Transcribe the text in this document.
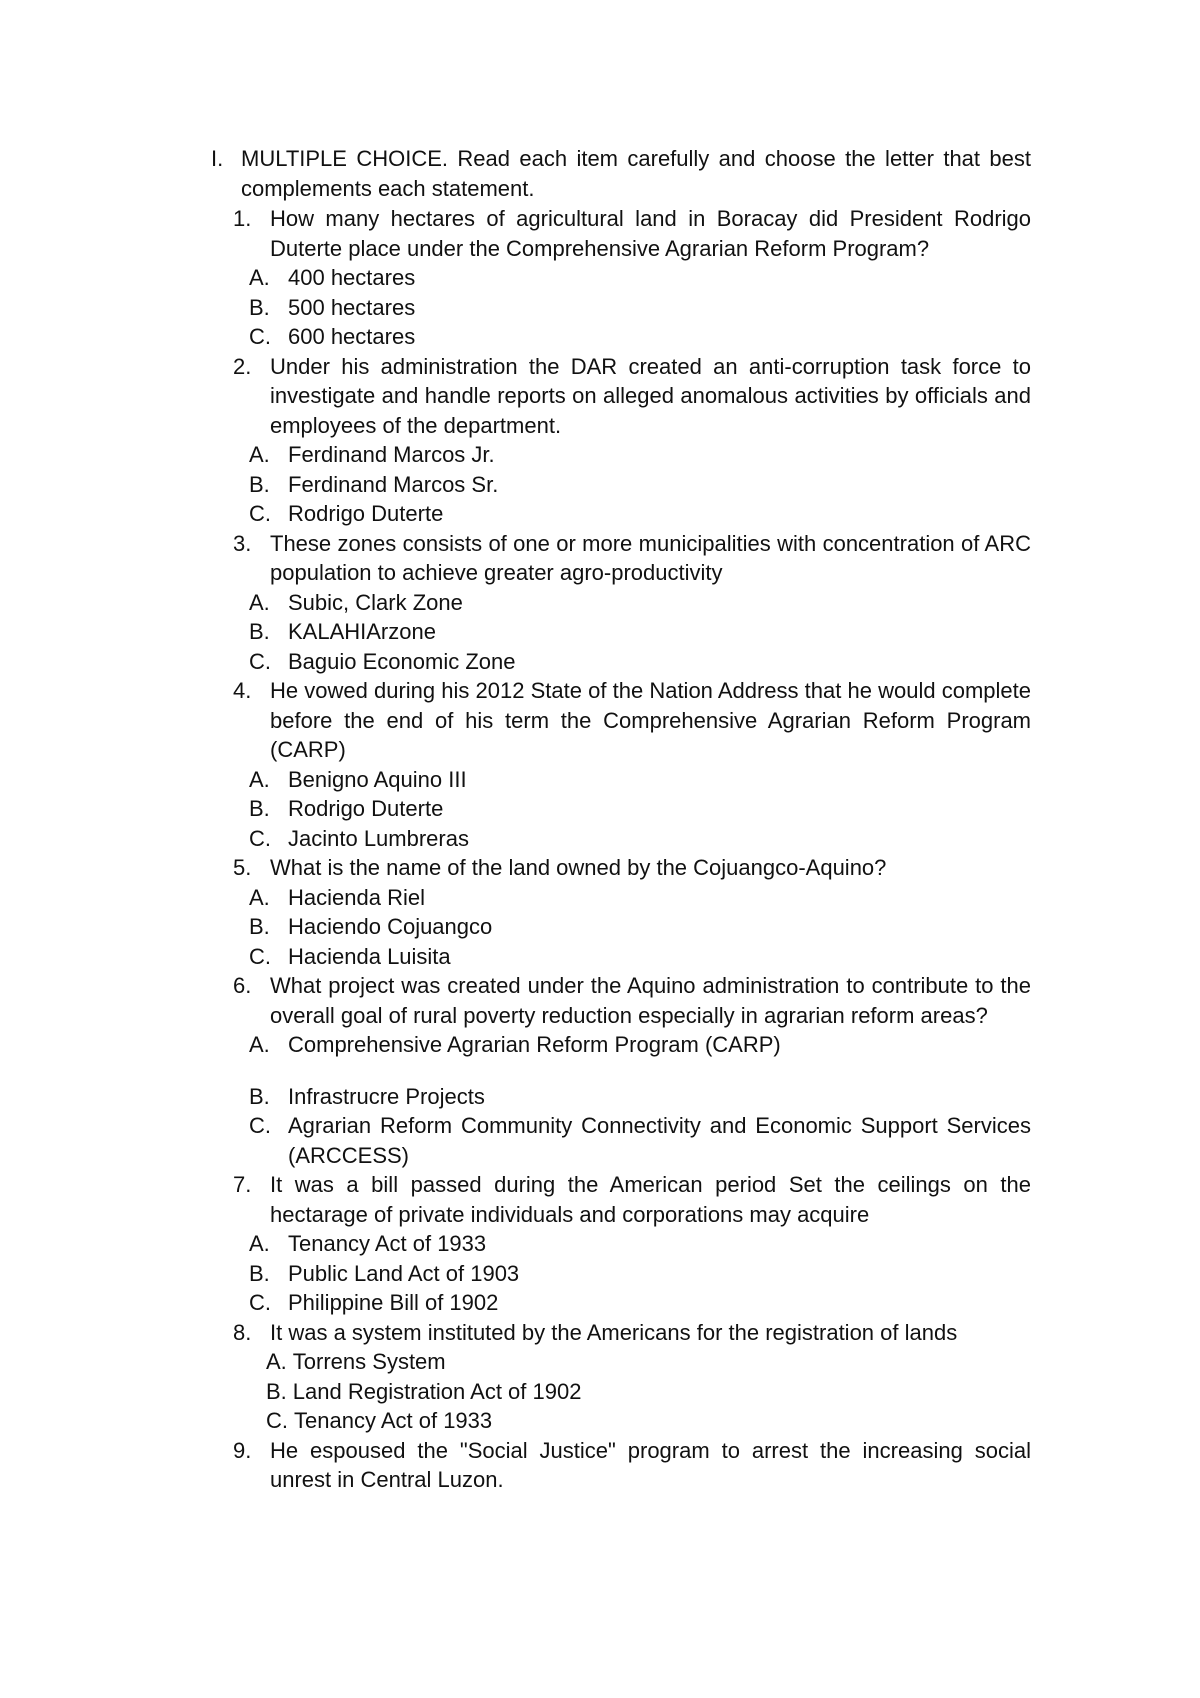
I. MULTIPLE CHOICE. Read each item carefully and choose the letter that best complements each statement.
1. How many hectares of agricultural land in Boracay did President Rodrigo Duterte place under the Comprehensive Agrarian Reform Program?
A. 400 hectares
B. 500 hectares
C. 600 hectares
2. Under his administration the DAR created an anti-corruption task force to investigate and handle reports on alleged anomalous activities by officials and employees of the department.
A. Ferdinand Marcos Jr.
B. Ferdinand Marcos Sr.
C. Rodrigo Duterte
3. These zones consists of one or more municipalities with concentration of ARC population to achieve greater agro-productivity
A. Subic, Clark Zone
B. KALAHIArzone
C. Baguio Economic Zone
4. He vowed during his 2012 State of the Nation Address that he would complete before the end of his term the Comprehensive Agrarian Reform Program (CARP)
A. Benigno Aquino III
B. Rodrigo Duterte
C. Jacinto Lumbreras
5. What is the name of the land owned by the Cojuangco-Aquino?
A. Hacienda Riel
B. Haciendo Cojuangco
C. Hacienda Luisita
6. What project was created under the Aquino administration to contribute to the overall goal of rural poverty reduction especially in agrarian reform areas?
A. Comprehensive Agrarian Reform Program (CARP)
B. Infrastrucre Projects
C. Agrarian Reform Community Connectivity and Economic Support Services (ARCCESS)
7. It was a bill passed during the American period Set the ceilings on the hectarage of private individuals and corporations may acquire
A. Tenancy Act of 1933
B. Public Land Act of 1903
C. Philippine Bill of 1902
8. It was a system instituted by the Americans for the registration of lands
A. Torrens System
B. Land Registration Act of 1902
C. Tenancy Act of 1933
9. He espoused the "Social Justice" program to arrest the increasing social unrest in Central Luzon.
